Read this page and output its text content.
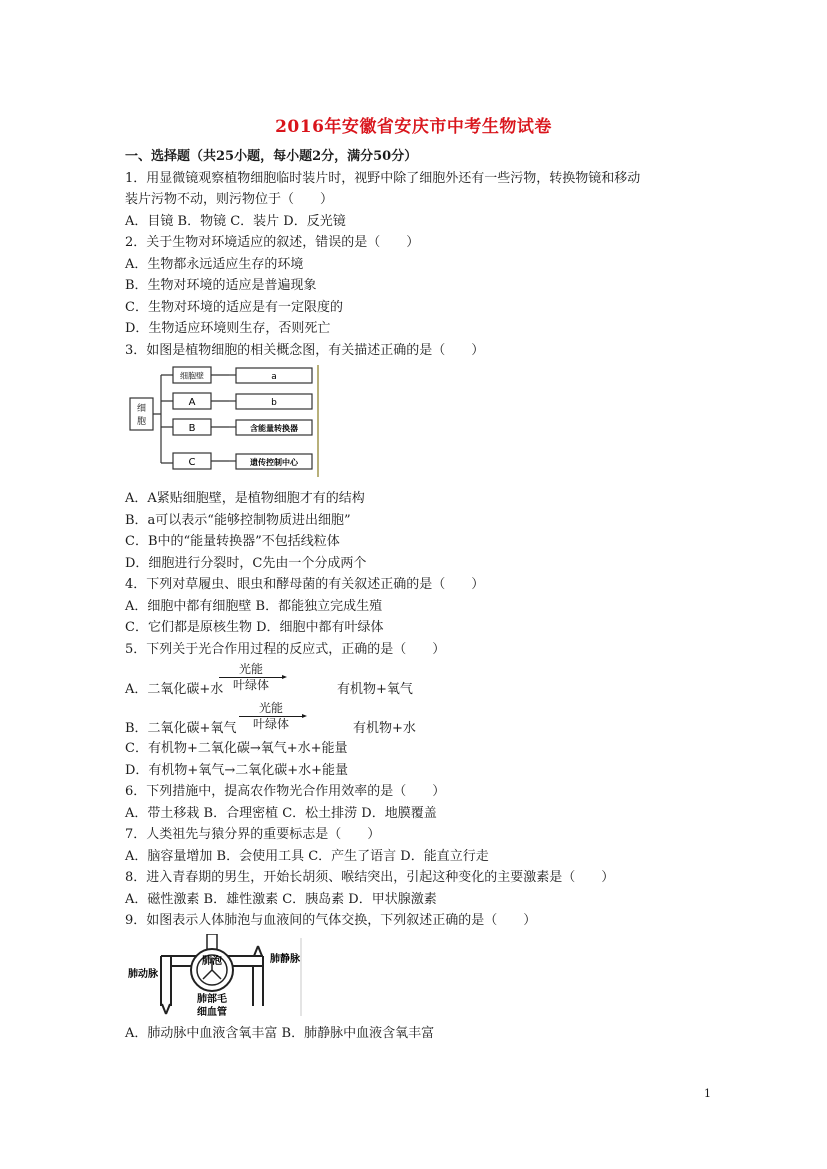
2016年安徽省安庆市中考生物试卷
一、选择题（共25小题，每小题2分，满分50分）
1．用显微镜观察植物细胞临时装片时，视野中除了细胞外还有一些污物，转换物镜和移动
装片污物不动，则污物位于（　　）
A．目镜 B．物镜 C．装片 D．反光镜
2．关于生物对环境适应的叙述，错误的是（　　）
A．生物都永远适应生存的环境
B．生物对环境的适应是普遍现象
C．生物对环境的适应是有一定限度的
D．生物适应环境则生存，否则死亡
3．如图是植物细胞的相关概念图，有关描述正确的是（　　）
细
胞
细胞壁
A
B
C
a
b
含能量转换器
遗传控制中心
A．A紧贴细胞壁，是植物细胞才有的结构
B．a可以表示“能够控制物质进出细胞”
C．B中的“能量转换器”不包括线粒体
D．细胞进行分裂时，C先由一个分成两个
4．下列对草履虫、眼虫和酵母菌的有关叙述正确的是（　　）
A．细胞中都有细胞壁 B．都能独立完成生殖
C．它们都是原核生物 D．细胞中都有叶绿体
5．下列关于光合作用过程的反应式，正确的是（　　）
A．二氧化碳+水
光能
叶绿体	有机物+氧气
B．二氧化碳+氧气
光能
叶绿体	有机物+水
C．有机物+二氧化碳→氧气+水+能量
D．有机物+氧气→二氧化碳+水+能量
6．下列措施中，提高农作物光合作用效率的是（　　）
A．带土移栽 B．合理密植 C．松土排涝 D．地膜覆盖
7．人类祖先与猿分界的重要标志是（　　）
A．脑容量增加 B．会使用工具 C．产生了语言 D．能直立行走
8．进入青春期的男生，开始长胡须、喉结突出，引起这种变化的主要激素是（　　）
A．磁性激素 B．雄性激素 C．胰岛素 D．甲状腺激素
9．如图表示人体肺泡与血液间的气体交换，下列叙述正确的是（　　）
肺泡
肺动脉
肺静脉
肺部毛
细血管
A．肺动脉中血液含氧丰富 B．肺静脉中血液含氧丰富
1
